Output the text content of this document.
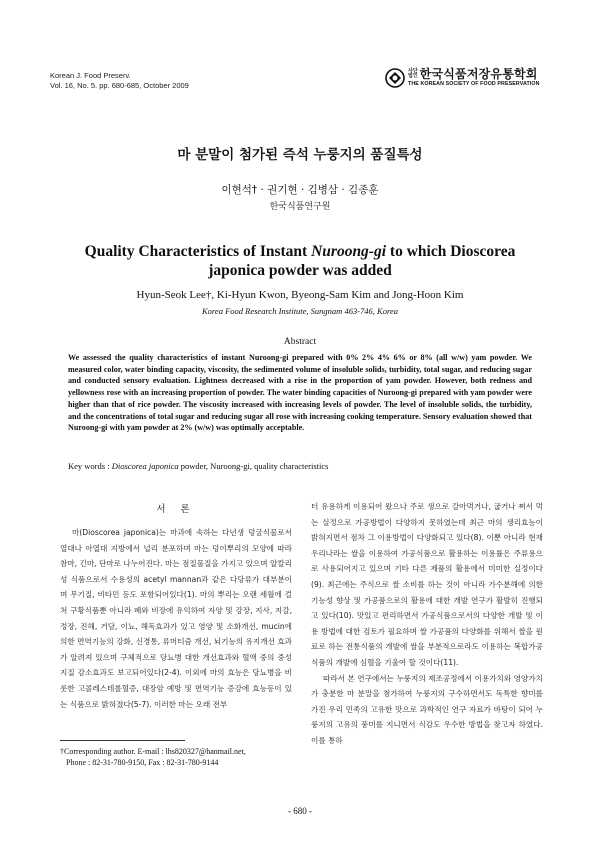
Korean J. Food Preserv.
Vol. 16, No. 5. pp. 680-685, October 2009
사단
법인 한국식품저장유통학회
THE KOREAN SOCIETY OF FOOD PRESERVATION
마 분말이 첨가된 즉석 누룽지의 품질특성
이현석† · 권기현 · 김병삼 · 김종훈
한국식품연구원
Quality Characteristics of Instant Nuroong-gi to which Dioscorea japonica powder was added
Hyun-Seok Lee†, Ki-Hyun Kwon, Byeong-Sam Kim and Jong-Hoon Kim
Korea Food Research Institute, Sungnam 463-746, Korea
Abstract
We assessed the quality characteristics of instant Nuroong-gi prepared with 0% 2% 4% 6% or 8% (all w/w) yam powder. We measured color, water binding capacity, viscosity, the sedimented volume of insoluble solids, turbidity, total sugar, and reducing sugar and conducted sensory evaluation. Lightness decreased with a rise in the proportion of yam powder. However, both redness and yellowness rose with an increasing proportion of powder. The water binding capacities of Nuroong-gi prepared with yam powder were higher than that of rice powder. The viscosity increased with increasing levels of powder. The level of insoluble solids, the turbidity, and the concentrations of total sugar and reducing sugar all rose with increasing cooking temperature. Sensory evaluation showed that Nuroong-gi with yam powder at 2% (w/w) was optimally acceptable.
Key words : Dioscorea japonica powder, Nuroong-gi, quality characteristics
서 론

마(Dioscorea japonica)는 마과에 속하는 다년생 덩굴식물로서 열대나 아열대 지방에서 널리 분포하며 마는 덩이뿌리의 모양에 따라 참마, 긴마, 단마로 나누어진다. 마는 점질물질을 가지고 있으며 알칼리성 식품으로서 수용성의 acetyl mannan과 같은 다당류가 대부분이며 무기질, 비타민 등도 포함되어있다(1). 마의 뿌리는 오랜 세월에 걸쳐 구황식품뿐 아니라 폐와 비장에 유익하여 자양 및 강장, 지사, 지갈, 정장, 진해, 거담, 이뇨, 해독효과가 있고 영양 및 소화개선, mucin에 의한 면역기능의 강화, 신경통, 류머티즘 개선, 뇌기능의 유지개선 효과가 알려져 있으며 구체적으로 당뇨병 대한 개선효과와 혈액 중의 중성지질 감소효과도 보고되어있다(2-4). 이외에 마의 효능은 당뇨병을 비롯한 고콜레스테롤혈증, 대장암 예방 및 면역기능 증강에 효능등이 있는 식품으로 밝혀졌다(5-7). 이러한 마는 오래 전부

터 유용하게 이용되어 왔으나 주로 생으로 갈아먹거나, 굽거나 쪄서 먹는 실정으로 가공방법이 다양하지 못하였는데 최근 마의 생리효능이 밝혀지면서 점차 그 이용방법이 다양화되고 있다(8). 이뿐 아니라 현재 우리나라는 쌀을 이용하여 가공식품으로 활용하는 이용률은 주류용으로 사용되어지고 있으며 기타 다른 제품의 활용에서 미미한 실정이다(9). 최근에는 주식으로 쌀 소비를 하는 것이 아니라 가수분해에 의한 기능성 향상 및 가공품으로의 활용에 대한 개발 연구가 활발히 진행되고 있다(10). 맛있고 편리하면서 가공식품으로서의 다양한 개발 및 이용 방법에 대한 검토가 필요하며 쌀 가공품의 다양화를 위해서 쌀을 원료로 하는 전통식품의 개발에 쌀을 부분적으로라도 이용하는 복합가공식품의 개발에 심혈을 기울여 할 것이다(11).

따라서 본 연구에서는 누룽지의 제조공정에서 이용가치와 영양가치가 충분한 마 분말을 첨가하여 누룽지의 구수하면서도 독특한 향미를 가진 우리 민족의 고유한 맛으로 과학적인 연구 자료가 바탕이 되어 누룽지의 고유의 풍미를 지니면서 식감도 우수한 방법을 찾고자 하였다. 이를 통하

†Corresponding author. E-mail : lhs820327@hanmail.net,
Phone : 82-31-780-9150, Fax : 82-31-780-9144
- 680 -
